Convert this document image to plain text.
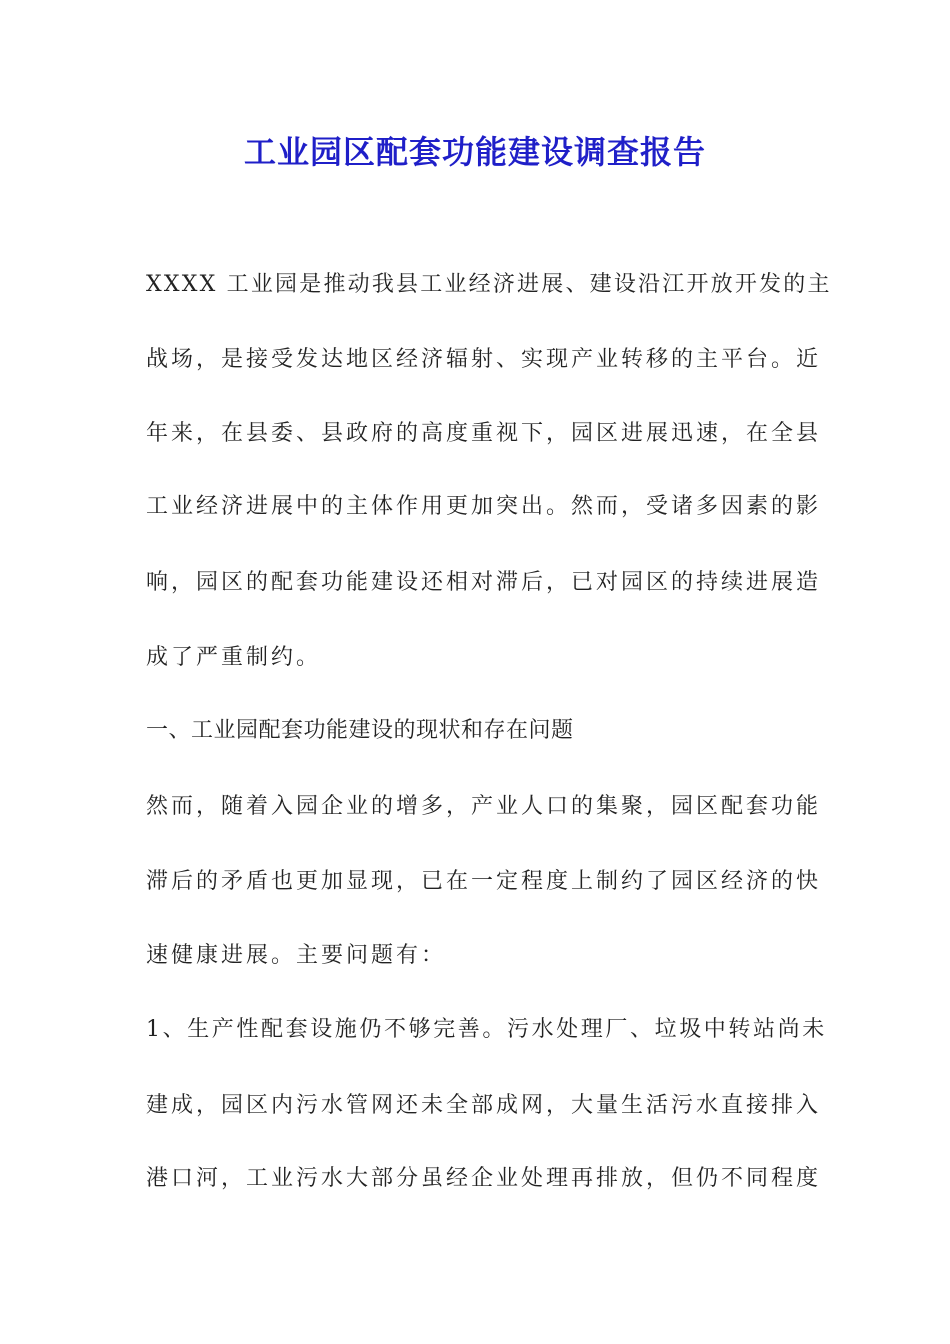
工业园区配套功能建设调查报告
XXXX 工业园是推动我县工业经济进展、建设沿江开放开发的主
战场，是接受发达地区经济辐射、实现产业转移的主平台。近
年来，在县委、县政府的高度重视下，园区进展迅速，在全县
工业经济进展中的主体作用更加突出。然而，受诸多因素的影
响，园区的配套功能建设还相对滞后，已对园区的持续进展造
成了严重制约。
一、工业园配套功能建设的现状和存在问题
然而，随着入园企业的增多，产业人口的集聚，园区配套功能
滞后的矛盾也更加显现，已在一定程度上制约了园区经济的快
速健康进展。主要问题有：
1、生产性配套设施仍不够完善。污水处理厂、垃圾中转站尚未
建成，园区内污水管网还未全部成网，大量生活污水直接排入
港口河，工业污水大部分虽经企业处理再排放，但仍不同程度
